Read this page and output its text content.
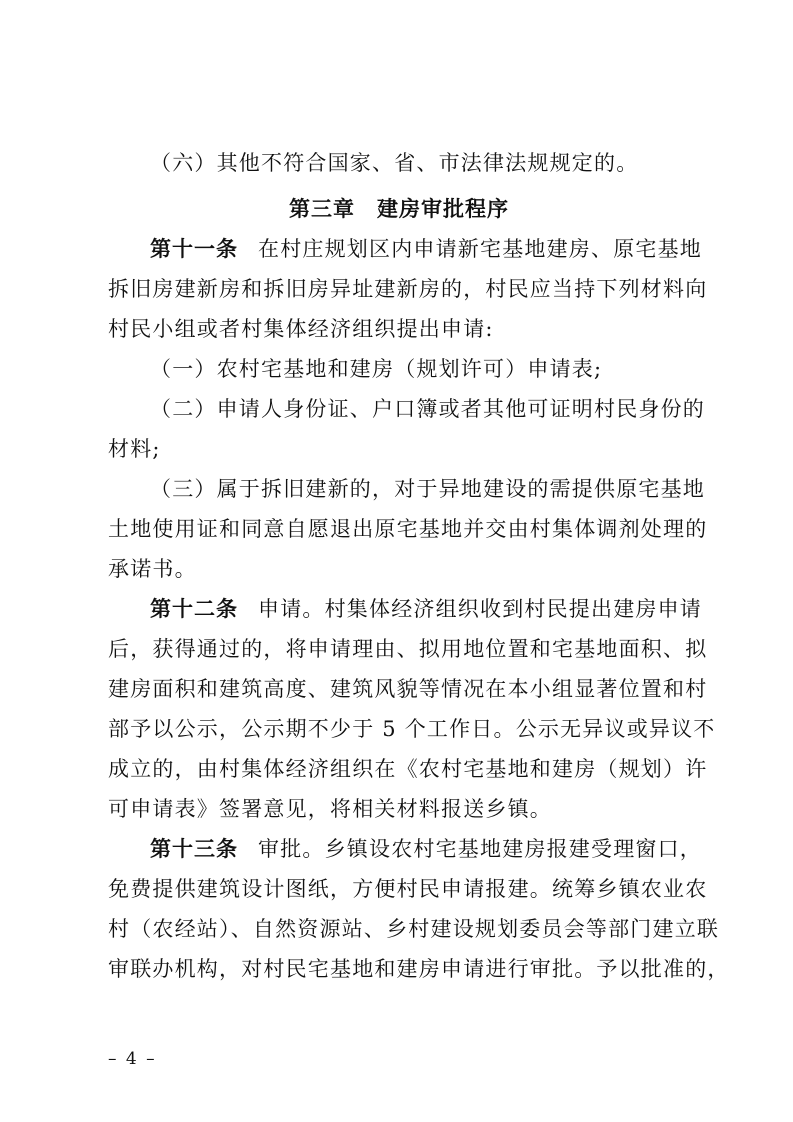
（六）其他不符合国家、省、市法律法规规定的。
第三章　建房审批程序
第十一条 在村庄规划区内申请新宅基地建房、原宅基地
拆旧房建新房和拆旧房异址建新房的，村民应当持下列材料向
村民小组或者村集体经济组织提出申请:
（一）农村宅基地和建房（规划许可）申请表;
（二）申请人身份证、户口簿或者其他可证明村民身份的
材料;
（三）属于拆旧建新的，对于异地建设的需提供原宅基地
土地使用证和同意自愿退出原宅基地并交由村集体调剂处理的
承诺书。
第十二条 申请。村集体经济组织收到村民提出建房申请
后，获得通过的，将申请理由、拟用地位置和宅基地面积、拟
建房面积和建筑高度、建筑风貌等情况在本小组显著位置和村
部予以公示，公示期不少于 5 个工作日。公示无异议或异议不
成立的，由村集体经济组织在《农村宅基地和建房（规划）许
可申请表》签署意见，将相关材料报送乡镇。
第十三条 审批。乡镇设农村宅基地建房报建受理窗口，
免费提供建筑设计图纸，方便村民申请报建。统筹乡镇农业农
村（农经站）、自然资源站、乡村建设规划委员会等部门建立联
审联办机构，对村民宅基地和建房申请进行审批。予以批准的，
– 4 –
